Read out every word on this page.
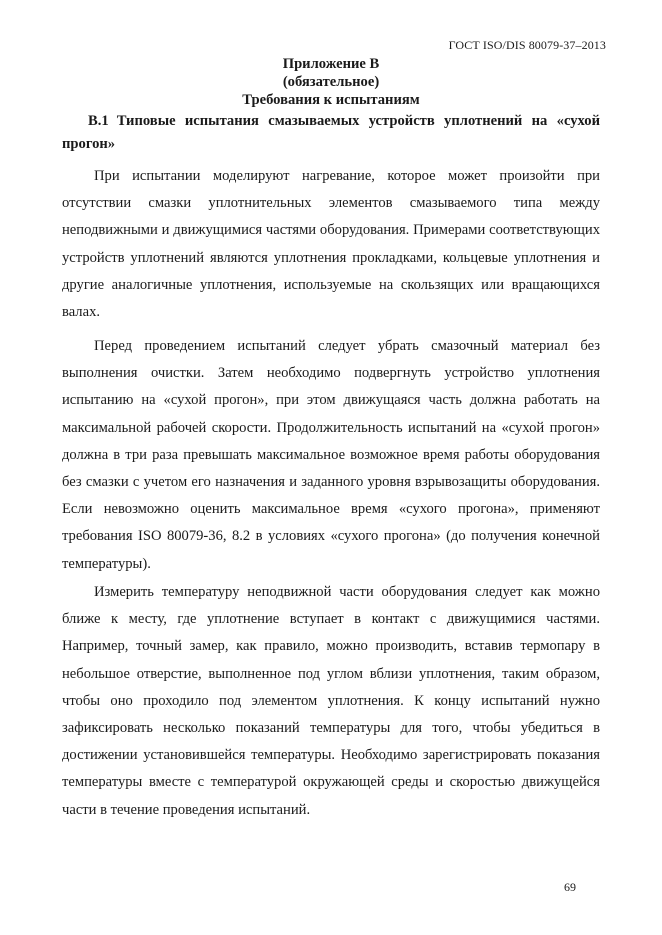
ГОСТ ISO/DIS 80079-37–2013
Приложение В
(обязательное)
Требования к испытаниям
В.1 Типовые испытания смазываемых устройств уплотнений на «сухой прогон»

При испытании моделируют нагревание, которое может произойти при отсутствии смазки уплотнительных элементов смазываемого типа между неподвижными и движущимися частями оборудования. Примерами соответствующих устройств уплотнений являются уплотнения прокладками, кольцевые уплотнения и другие аналогичные уплотнения, используемые на скользящих или вращающихся валах.

Перед проведением испытаний следует убрать смазочный материал без выполнения очистки. Затем необходимо подвергнуть устройство уплотнения испытанию на «сухой прогон», при этом движущаяся часть должна работать на максимальной рабочей скорости. Продолжительность испытаний на «сухой прогон» должна в три раза превышать максимальное возможное время работы оборудования без смазки с учетом его назначения и заданного уровня взрывозащиты оборудования. Если невозможно оценить максимальное время «сухого прогона», применяют требования ISO 80079-36, 8.2 в условиях «сухого прогона» (до получения конечной температуры).

Измерить температуру неподвижной части оборудования следует как можно ближе к месту, где уплотнение вступает в контакт с движущимися частями. Например, точный замер, как правило, можно производить, вставив термопару в небольшое отверстие, выполненное под углом вблизи уплотнения, таким образом, чтобы оно проходило под элементом уплотнения. К концу испытаний нужно зафиксировать несколько показаний температуры для того, чтобы убедиться в достижении установившейся температуры. Необходимо зарегистрировать показания температуры вместе с температурой окружающей среды и скоростью движущейся части в течение проведения испытаний.

69
